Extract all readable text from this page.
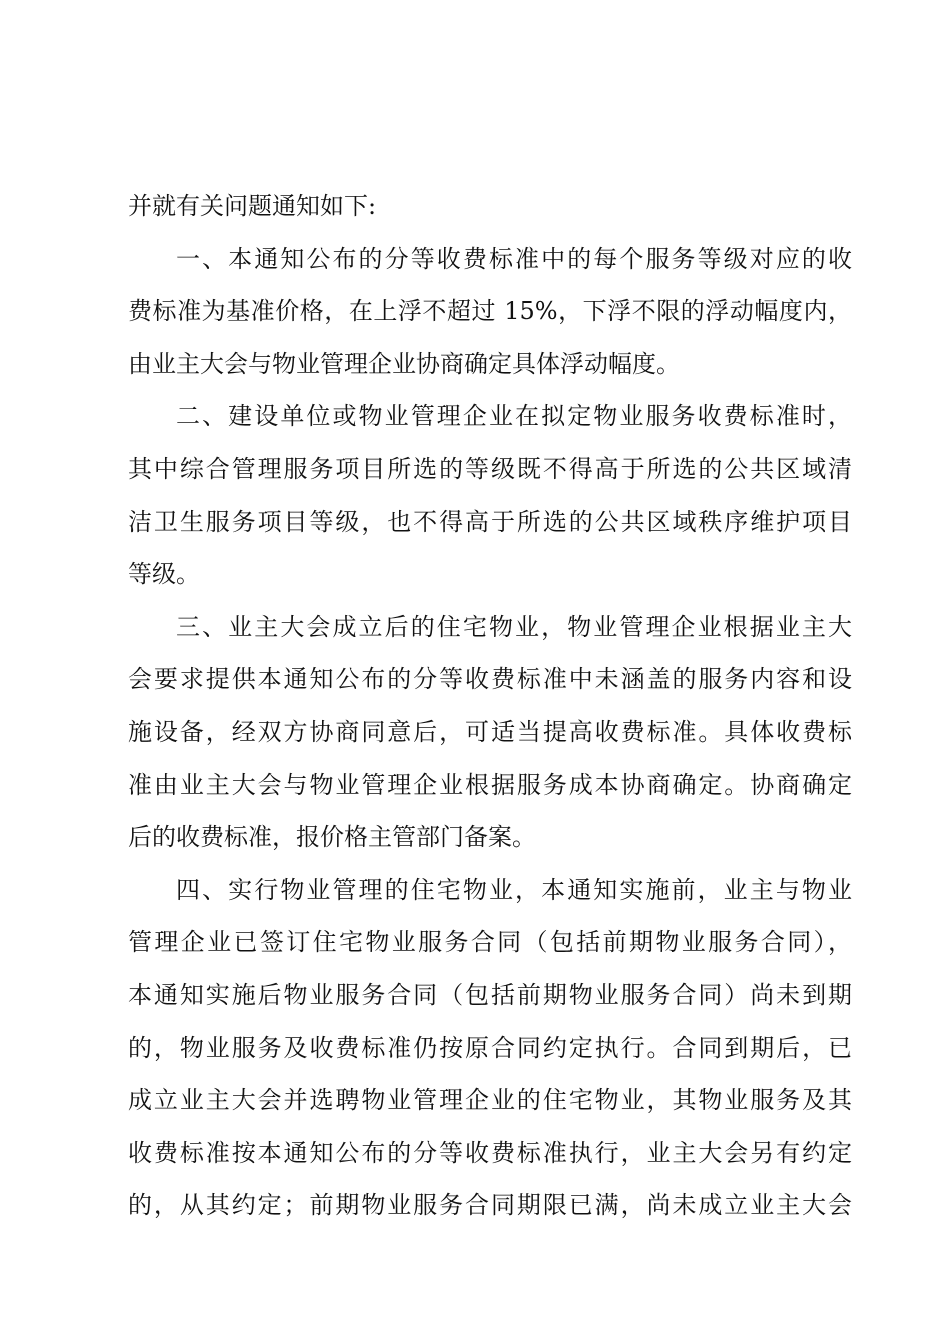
并就有关问题通知如下:
一、本通知公布的分等收费标准中的每个服务等级对应的收
费标准为基准价格，在上浮不超过 15%，下浮不限的浮动幅度内，
由业主大会与物业管理企业协商确定具体浮动幅度。
二、建设单位或物业管理企业在拟定物业服务收费标准时，
其中综合管理服务项目所选的等级既不得高于所选的公共区域清
洁卫生服务项目等级，也不得高于所选的公共区域秩序维护项目
等级。
三、业主大会成立后的住宅物业，物业管理企业根据业主大
会要求提供本通知公布的分等收费标准中未涵盖的服务内容和设
施设备，经双方协商同意后，可适当提高收费标准。具体收费标
准由业主大会与物业管理企业根据服务成本协商确定。协商确定
后的收费标准，报价格主管部门备案。
四、实行物业管理的住宅物业，本通知实施前，业主与物业
管理企业已签订住宅物业服务合同（包括前期物业服务合同），
本通知实施后物业服务合同（包括前期物业服务合同）尚未到期
的，物业服务及收费标准仍按原合同约定执行。合同到期后，已
成立业主大会并选聘物业管理企业的住宅物业，其物业服务及其
收费标准按本通知公布的分等收费标准执行，业主大会另有约定
的，从其约定；前期物业服务合同期限已满，尚未成立业主大会
